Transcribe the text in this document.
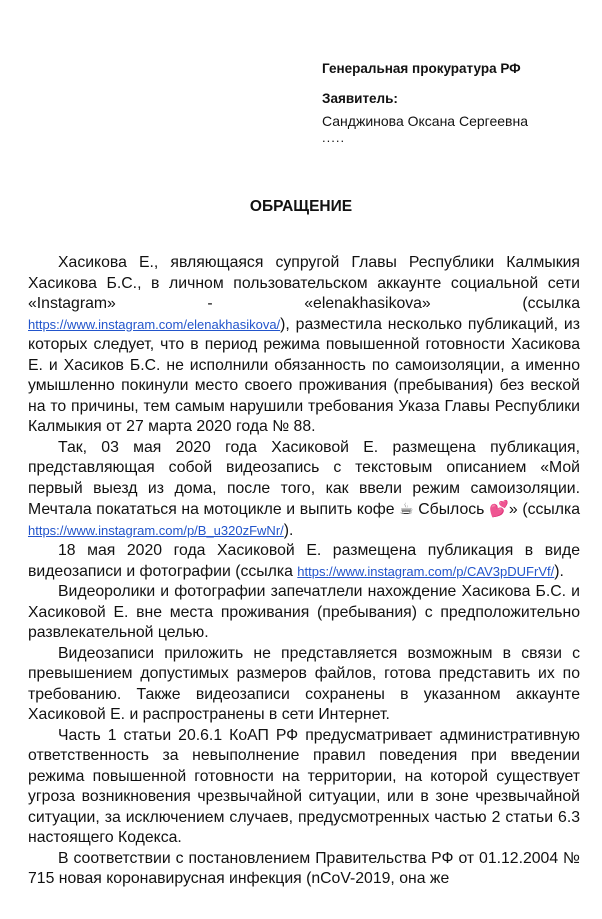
Генеральная прокуратура РФ
Заявитель:
Санджинова Оксана Сергеевна
.....
ОБРАЩЕНИЕ

Хасикова Е., являющаяся супругой Главы Республики Калмыкия Хасикова Б.С., в личном пользовательском аккаунте социальной сети «Instagram» - «elenakhasikova» (ссылка https://www.instagram.com/elenakhasikova/), разместила несколько публикаций, из которых следует, что в период режима повышенной готовности Хасикова Е. и Хасиков Б.С. не исполнили обязанность по самоизоляции, а именно умышленно покинули место своего проживания (пребывания) без веской на то причины, тем самым нарушили требования Указа Главы Республики Калмыкия от 27 марта 2020 года № 88.

Так, 03 мая 2020 года Хасиковой Е. размещена публикация, представляющая собой видеозапись с текстовым описанием «Мой первый выезд из дома, после того, как ввели режим самоизоляции. Мечтала покататься на мотоцикле и выпить кофе ☕ Сбылось 💕» (ссылка https://www.instagram.com/p/B_u320zFwNr/).

18 мая 2020 года Хасиковой Е. размещена публикация в виде видеозаписи и фотографии (ссылка https://www.instagram.com/p/CAV3pDUFrVf/).

Видеоролики и фотографии запечатлели нахождение Хасикова Б.С. и Хасиковой Е. вне места проживания (пребывания) с предположительно развлекательной целью.

Видеозаписи приложить не представляется возможным в связи с превышением допустимых размеров файлов, готова представить их по требованию. Также видеозаписи сохранены в указанном аккаунте Хасиковой Е. и распространены в сети Интернет.

Часть 1 статьи 20.6.1 КоАП РФ предусматривает административную ответственность за невыполнение правил поведения при введении режима повышенной готовности на территории, на которой существует угроза возникновения чрезвычайной ситуации, или в зоне чрезвычайной ситуации, за исключением случаев, предусмотренных частью 2 статьи 6.3 настоящего Кодекса.

В соответствии с постановлением Правительства РФ от 01.12.2004 № 715 новая коронавирусная инфекция (nCoV-2019, она же
